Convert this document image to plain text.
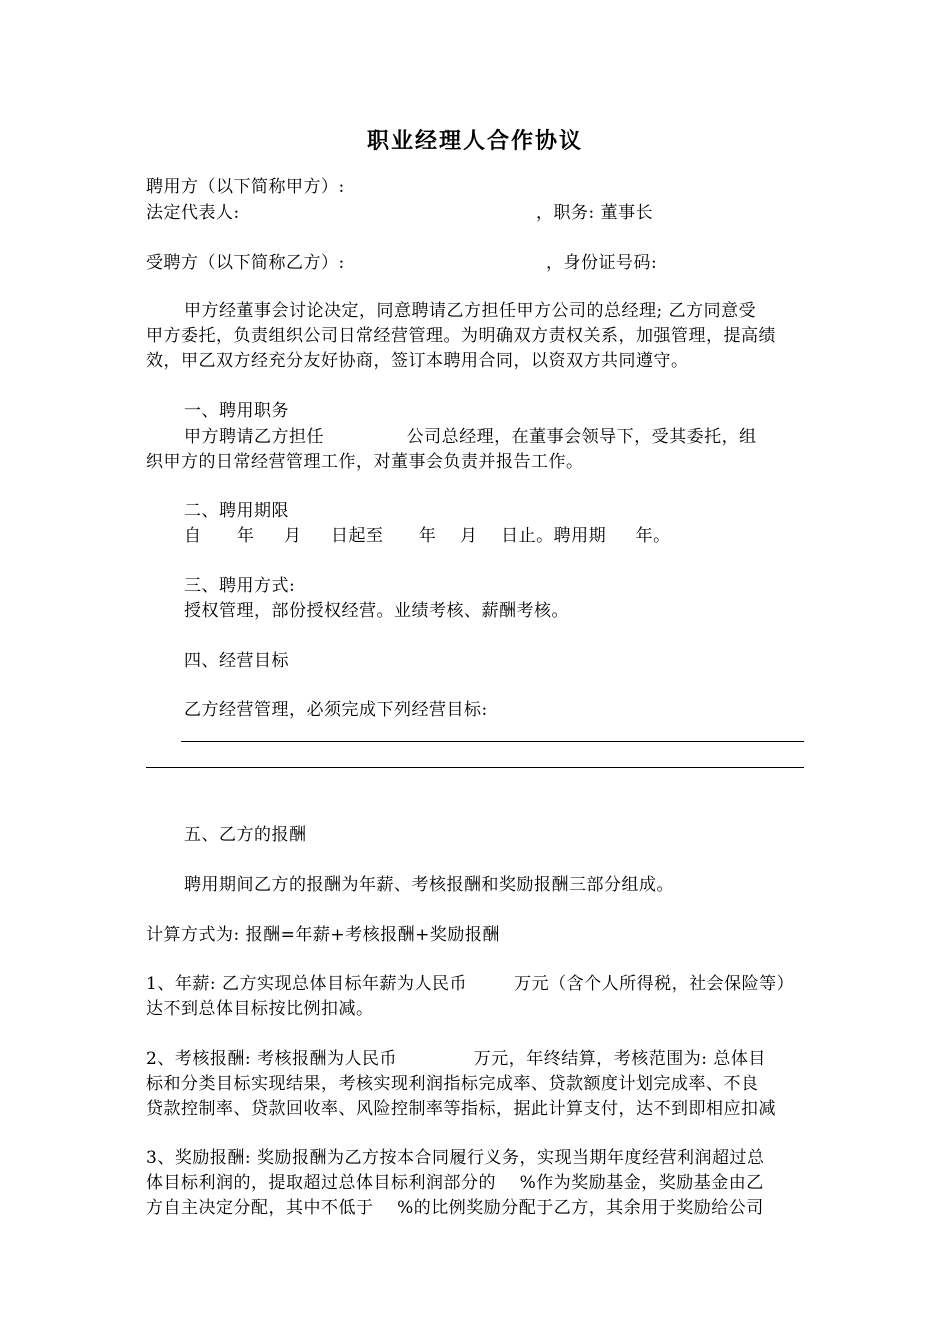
职业经理人合作协议
聘用方（以下简称甲方）:
法定代表人:	，职务: 董事长
受聘方（以下简称乙方）:	，身份证号码:
甲方经董事会讨论决定，同意聘请乙方担任甲方公司的总经理; 乙方同意受
甲方委托，负责组织公司日常经营管理。为明确双方责权关系，加强管理，提高绩
效，甲乙双方经充分友好协商，签订本聘用合同，以资双方共同遵守。
一、聘用职务
甲方聘请乙方担任              公司总经理，在董事会领导下，受其委托，组
织甲方的日常经营管理工作，对董事会负责并报告工作。
二、聘用期限
自      年     月     日起至      年    月    日止。聘用期     年。
三、聘用方式:
授权管理，部份授权经营。业绩考核、薪酬考核。
四、经营目标
乙方经营管理，必须完成下列经营目标:
五、乙方的报酬
聘用期间乙方的报酬为年薪、考核报酬和奖励报酬三部分组成。
计算方式为: 报酬=年薪+考核报酬+奖励报酬
1、年薪: 乙方实现总体目标年薪为人民币        万元（含个人所得税，社会保险等）
达不到总体目标按比例扣减。
2、考核报酬: 考核报酬为人民币             万元，年终结算，考核范围为: 总体目
标和分类目标实现结果，考核实现利润指标完成率、贷款额度计划完成率、不良
贷款控制率、贷款回收率、风险控制率等指标，据此计算支付，达不到即相应扣减
3、奖励报酬: 奖励报酬为乙方按本合同履行义务，实现当期年度经营利润超过总
体目标利润的，提取超过总体目标利润部分的    %作为奖励基金，奖励基金由乙
方自主决定分配，其中不低于    %的比例奖励分配于乙方，其余用于奖励给公司
